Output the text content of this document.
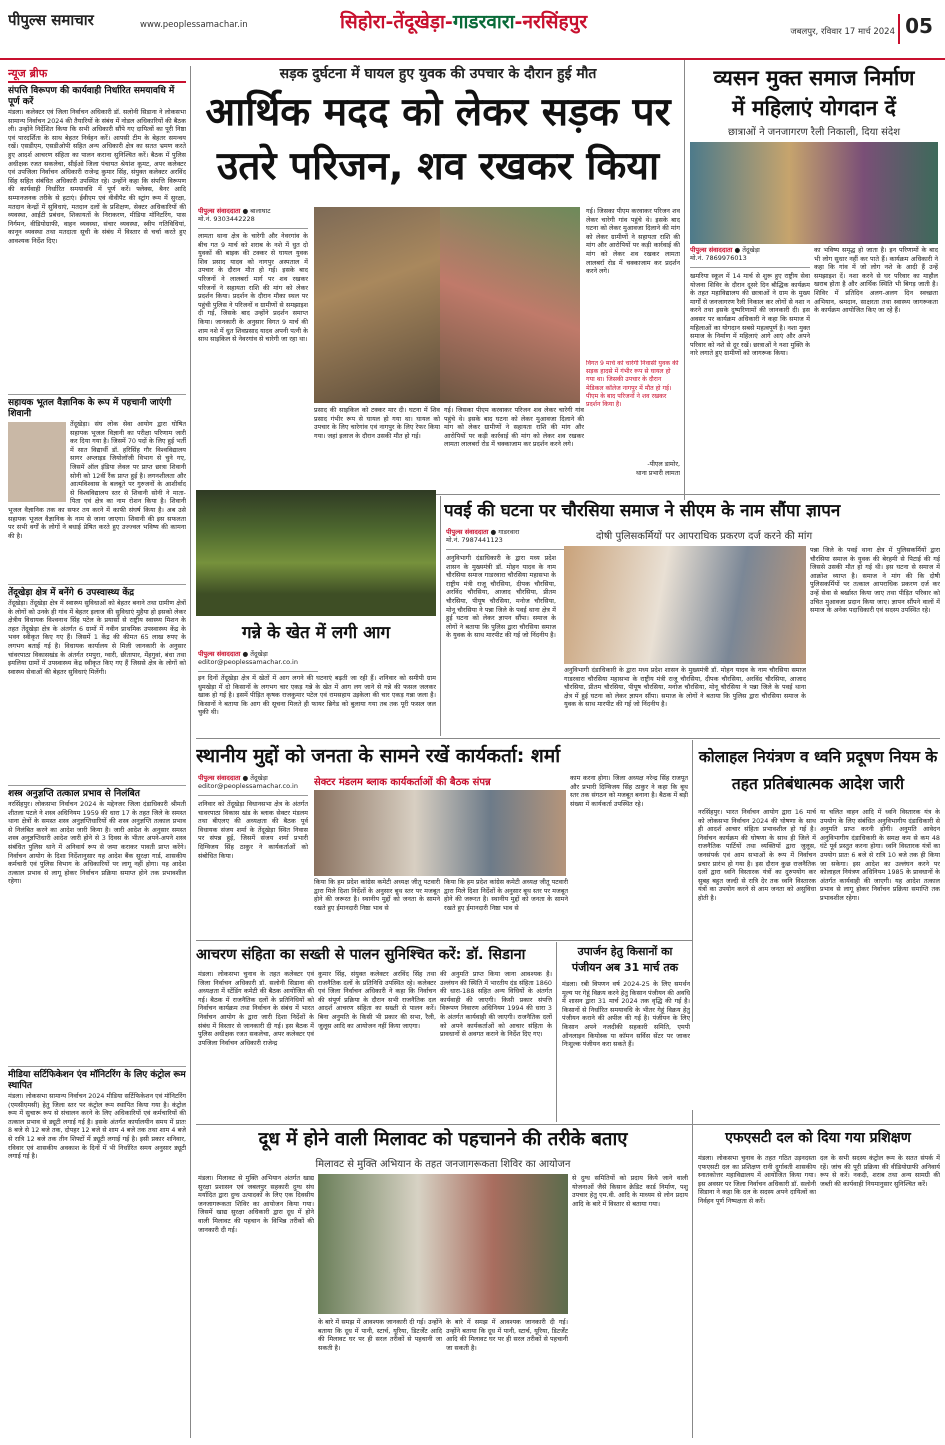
पीपुल्स समाचार	www.peoplessamachar.in	सिहोरा-तेंदूखेड़ा-गाडरवारा-नरसिंहपुर	जबलपुर, रविवार 17 मार्च 2024 05
न्यूज ब्रीफ
संपत्ति विरूपण की कार्यवाही निर्धारित समयावधि में पूर्ण करें
मंडला। कलेक्टर एवं जिला निर्वाचन अधिकारी डॉ. सलोनी सिडाना ने लोकसभा सामान्य निर्वाचन 2024 की तैयारियों के संबंध में नोडल अधिकारियों की बैठक ली। उन्होंने निर्देशित किया कि सभी अधिकारी सौंपे गए दायित्वों का पूरी निष्ठा एवं पारदर्शिता के साथ बेहतर निर्वहन करें। आपसी टीम के बेहतर समन्वय रखें। एसडीएम, एसडीओपी सहित अन्य अधिकारी क्षेत्र का सतत भ्रमण करते हुए आदर्श आचरण संहिता का पालन कराना सुनिश्चित करें। बैठक में पुलिस अधीक्षक रजत सकलेचा, सीईओ जिला पंचायत श्रेयांश कूमट, अपर कलेक्टर एवं उपजिला निर्वाचन अधिकारी राजेन्द्र कुमार सिंह, संयुक्त कलेक्टर अरविंद सिंह सहित संबंधित अधिकारी उपस्थित रहे। उन्होंने कहा कि संपत्ति विरूपण की कार्यवाही निर्धारित समयावधि में पूर्ण करें। फ्लेक्स, बैनर आदि सम्मानजनक तरीके से हटाएं। ईवीएम एवं वीवीपैट की स्ट्रांग रूम में सुरक्षा, मतदान केन्द्रों में सुविधाएं, मतदान दलों के प्रशिक्षण, सेक्टर अधिकारियों की व्यवस्था, आईटी प्रबंधन, शिकायतों के निराकरण, मीडिया मॉनिटरिंग, पास निर्गमन, वीडियोग्राफी, वाहन व्यवस्था, संचार व्यवस्था, स्वीप गतिविधियां, कानून व्यवस्था तथा मतदाता सूची के संबंध में विस्तार से चर्चा करते हुए आवश्यक निर्देश दिए।
सहायक भूतल वैज्ञानिक के रूप में पहचानी जाएंगी शिवानी
तेंदूखेड़ा। संघ लोक सेवा आयोग द्वारा घोषित सहायक भूजल विज्ञानी का परीक्षा परिणाम जारी कर दिया गया है। जिसमें 70 पदों के लिए हुई भर्ती में सात विद्यार्थी डॉ. हरिसिंह गौर विश्वविद्यालय सागर अप्लाइड जियोलॉजी विभाग से चुने गए, जिसमें ऑल इंडिया लेवल पर प्राप्त छात्रा शिवानी सोनी को 12वीं रैंक प्राप्त हुई है। लगनशीलता और आत्मविश्वास के बलबूते पर गुरुजनों के आशीर्वाद से विश्वविद्यालय स्तर से शिवानी सोनी ने माता-पिता एवं क्षेत्र का नाम रोशन किया है। शिवानी भूजल वैज्ञानिक तक का सफर तय करने में काफी संघर्ष किया है। अब उसे सहायक भूजल वैज्ञानिक के नाम से जाना जाएगा। शिवानी की इस सफलता पर सभी वर्गों के लोगों ने बधाई प्रेषित करते हुए उज्ज्वल भविष्य की कामना की है।
तेंदूखेड़ा क्षेत्र में बनेंगे 6 उपस्वास्थ्य केंद्र
तेंदूखेड़ा। तेंदूखेड़ा क्षेत्र में स्वास्थ्य सुविधाओं को बेहतर बनाने तथा ग्रामीण क्षेत्रों के लोगों को उनके ही गांव में बेहतर इलाज की सुविधाएं मुहैया हो इसको लेकर क्षेत्रीय विधायक विश्वनाथ सिंह पटेल के प्रयासों से राष्ट्रीय स्वास्थ्य मिशन के तहत तेंदूखेड़ा क्षेत्र के अंतर्गत 6 ग्रामों में नवीन प्राथमिक उपस्वास्थ्य केंद्र के भवन स्वीकृत किए गए हैं। जिसमें 1 केंद्र की कीमत 65 लाख रुपए के लगभग बताई गई है। विधायक कार्यालय से मिली जानकारी के अनुसार चांवरपाठा विकासखंड के अंतर्गत रमपुरा, ग्वारी, छीतापार, मेंहगुवां, बंधा तथा इमलिया ग्रामों में उपस्वास्थ्य केंद्र स्वीकृत किए गए हैं जिससे क्षेत्र के लोगों को स्वास्थ्य सेवाओं की बेहतर सुविधाएं मिलेंगी।
शस्त्र अनुज्ञप्ति तत्काल प्रभाव से निलंबित
नरसिंहपुर। लोकसभा निर्वाचन 2024 के मद्देनजर जिला दंडाधिकारी श्रीमती शीतला पटले ने शस्त्र अधिनियम 1959 की धारा 17 के तहत जिले के समस्त थाना क्षेत्रों के समस्त शस्त्र अनुज्ञप्तिधारियों की शस्त्र अनुज्ञप्ति तत्काल प्रभाव से निलंबित करने का आदेश जारी किया है। जारी आदेश के अनुसार समस्त शस्त्र अनुज्ञप्तिधारी आदेश जारी होने से 3 दिवस के भीतर अपने-अपने शस्त्र संबंधित पुलिस थाने में अनिवार्य रूप से जमा कराकर पावती प्राप्त करेंगे। निर्वाचन आयोग के दिशा निर्देशानुसार यह आदेश बैंक सुरक्षा गार्ड, शासकीय कर्मचारी एवं पुलिस विभाग के अधिकारियों पर लागू नहीं होगा। यह आदेश तत्काल प्रभाव से लागू होकर निर्वाचन प्रक्रिया समाप्त होने तक प्रभावशील रहेगा।
मीडिया सर्टिफिकेशन एंव मॉनिटरिंग के लिए कंट्रोल रूम स्थापित
मंडला। लोकसभा सामान्य निर्वाचन 2024 मीडिया सर्टिफिकेशन एवं मॉनिटरिंग (एमसीएमसी) हेतु जिला स्तर पर कंट्रोल रूम स्थापित किया गया है। कंट्रोल रूम में सुचारू रूप से संचालन करने के लिए अधिकारियों एवं कर्मचारियों की तत्काल प्रभाव से ड्यूटी लगाई गई है। इसके अंतर्गत कार्यालयीन समय में प्रातः 8 बजे से 12 बजे तक, दोपहर 12 बजे से शाम 4 बजे तक तथा शाम 4 बजे से रात्रि 12 बजे तक तीन शिफ्टों में ड्यूटी लगाई गई है। इसी प्रकार शनिवार, रविवार एवं शासकीय अवकाश के दिनों में भी निर्धारित समय अनुसार ड्यूटी लगाई गई है।
सड़क दुर्घटना में घायल हुए युवक की उपचार के दौरान हुई मौत
आर्थिक मदद को लेकर सड़क पर उतरे परिजन, शव रखकर किया
पीपुल्स संवाददाता ● बालाघाट
मो.नं. 9303442228
लामता थाना क्षेत्र के चारेगी और नेवरगांव के बीच गत 9 मार्च को शराब के नशे में धुत दो युवकों की बाइक की टक्कर से घायल युवक शिव प्रसाद यादव को नागपुर अस्पताल में उपचार के दौरान मौत हो गई। इसके बाद परिजनों ने लालबर्रा मार्ग पर शव रखकर परिजनों ने सहायता राशि की मांग को लेकर प्रदर्शन किया। प्रदर्शन के दौरान मौका स्थल पर पहुंची पुलिस ने परिजनों व ग्रामीणों से समझाइश दी गई, जिसके बाद उन्होंने प्रदर्शन समाप्त किया। जानकारी के अनुसार विगत 9 मार्च की शाम नशे में धुत शिवप्रसाद यादव अपनी पत्नी के साथ साइकिल से नेवरगांव से चारेगी जा रहा था।
प्रसाद की साइकिल को टक्कर मार दी। घटना में शिव प्रसाद गंभीर रूप से घायल हो गया था। घायल को उपचार के लिए चारेगांव एवं नागपुर के लिए रेफर किया गया। जहां इलाज के दौरान उसकी मौत हो गई।
गई। जिसका पीएम करवाकर परिजन शव लेकर चारेगी गांव पहुंचे थे। इसके बाद घटना को लेकर मुआवजा दिलाने की मांग को लेकर ग्रामीणों ने सहायता राशि की मांग और आरोपियों पर कड़ी कार्रवाई की मांग को लेकर शव रखकर लामता लालबर्रा रोड में चक्काजाम कर प्रदर्शन करने लगे।
गई। जिसका पीएम करवाकर परिजन शव लेकर चारेगी गांव पहुंचे थे। इसके बाद घटना को लेकर मुआवजा दिलाने की मांग को लेकर ग्रामीणों ने सहायता राशि की मांग और आरोपियों पर कड़ी कार्रवाई की मांग को लेकर शव रखकर लामता लालबर्रा रोड में चक्काजाम कर प्रदर्शन करने लगे।
विगत 9 मार्च को चारेगी निवासी युवक की सड़क हादसे में गंभीर रूप से घायल हो गया था। जिसकी उपचार के दौरान मेडिकल कॉलेज नागपुर में मौत हो गई। पीएम के बाद परिजनों ने शव रखकर प्रदर्शन किया है।
-पीएल डामोर,
थाना प्रभारी लामता
व्यसन मुक्त समाज निर्माण
में महिलाएं योगदान दें
छात्राओं ने जनजागरण रैली निकाली, दिया संदेश
पीपुल्स संवाददाता ● तेंदूखेड़ा
मो.नं. 7869976013
खमरिया स्कूल में 14 मार्च से शुरू हुए राष्ट्रीय सेवा योजना शिविर के दौरान दूसरे दिन बौद्धिक कार्यक्रम के तहत महाविद्यालय की छात्राओं ने ग्राम के मुख्य मार्गों से जनजागरण रैली निकाल कर लोगों से नशा न करने तथा इसके दुष्परिणामों की जानकारी दी। इस अवसर पर कार्यक्रम अधिकारी ने कहा कि समाज में महिलाओं का योगदान सबसे महत्वपूर्ण है। नशा मुक्त समाज के निर्माण में महिलाएं आगे आएं और अपने परिवार को नशे से दूर रखें। छात्राओं ने नशा मुक्ति के नारे लगाते हुए ग्रामीणों को जागरूक किया।
का भविष्य समृद्ध हो जाता है। इन परिणामों के बाद भी लोग सुधार नहीं कर पाते हैं। कार्यक्रम अधिकारी ने कहा कि गांव में जो लोग नशे के आदी हैं उन्हें समझाइश दें। नशा करने से घर परिवार का माहौल खराब होता है और आर्थिक स्थिति भी बिगड़ जाती है। शिविर में प्रतिदिन अलग-अलग दिन स्वच्छता अभियान, श्रमदान, साक्षरता तथा स्वास्थ्य जागरूकता के कार्यक्रम आयोजित किए जा रहे हैं।
गन्ने के खेत में लगी आग
पीपुल्स संवाददाता ● तेंदूखेड़ा
editor@peoplessamachar.co.in
इन दिनों तेंदूखेड़ा क्षेत्र में खेतों में आग लगने की घटनाएं बढ़ती जा रही हैं। शनिवार को समीपी ग्राम धुमखेड़ा में दो किसानों के लगभग चार एकड़ गन्ने के खेत में आग लग जाने से गन्ने की फसल जलकर खाक हो गई है। इसमें पीड़ित कृषक राजकुमार पटेल एवं रामसहाय उइकेला की चार एकड़ गन्ना जला है। किसानों ने बताया कि आग की सूचना मिलते ही फायर ब्रिगेड को बुलाया गया तब तक पूरी फसल जल चुकी थी।
पवई की घटना पर चौरसिया समाज ने सीएम के नाम सौंपा ज्ञापन
दोषी पुलिसकर्मियों पर आपराधिक प्रकरण दर्ज करने की मांग
पीपुल्स संवाददाता ● गाडरवारा
मो.नं. 7987441123
अनुविभागी दंडाधिकारी के द्वारा मध्य प्रदेश शासन के मुख्यमंत्री डॉ. मोहन यादव के नाम चौरसिया समाज गाडरवारा चौरसिया महासभा के राष्ट्रीय मंत्री राजू चौरसिया, दीपक चौरसिया, अरविंद चौरसिया, आजाद चौरसिया, प्रीतम चौरसिया, पीयूष चौरसिया, मनोज चौरसिया, मोनू चौरसिया ने पन्ना जिले के पवई थाना क्षेत्र में हुई घटना को लेकर ज्ञापन सौंपा। समाज के लोगों ने बताया कि पुलिस द्वारा चौरसिया समाज के युवक के साथ मारपीट की गई जो निंदनीय है।
अनुविभागी दंडाधिकारी के द्वारा मध्य प्रदेश शासन के मुख्यमंत्री डॉ. मोहन यादव के नाम चौरसिया समाज गाडरवारा चौरसिया महासभा के राष्ट्रीय मंत्री राजू चौरसिया, दीपक चौरसिया, अरविंद चौरसिया, आजाद चौरसिया, प्रीतम चौरसिया, पीयूष चौरसिया, मनोज चौरसिया, मोनू चौरसिया ने पन्ना जिले के पवई थाना क्षेत्र में हुई घटना को लेकर ज्ञापन सौंपा। समाज के लोगों ने बताया कि पुलिस द्वारा चौरसिया समाज के युवक के साथ मारपीट की गई जो निंदनीय है।
पन्ना जिले के पवई थाना क्षेत्र में पुलिसकर्मियों द्वारा चौरसिया समाज के युवक की बेरहमी से पिटाई की गई जिससे उसकी मौत हो गई थी। इस घटना से समाज में आक्रोश व्याप्त है। समाज ने मांग की कि दोषी पुलिसकर्मियों पर तत्काल आपराधिक प्रकरण दर्ज कर उन्हें सेवा से बर्खास्त किया जाए तथा पीड़ित परिवार को उचित मुआवजा प्रदान किया जाए। ज्ञापन सौंपने वालों में समाज के अनेक पदाधिकारी एवं सदस्य उपस्थित रहे।
स्थानीय मुद्दों को जनता के सामने रखें कार्यकर्ता: शर्मा
पीपुल्स संवाददाता ● तेंदूखेड़ा
editor@peoplessamachar.co.in
शनिवार को तेंदूखेड़ा विधानसभा क्षेत्र के अंतर्गत चावरपाठा विकास खंड के ब्लाक सेक्टर मंडलम तथा बीएलए की अध्यक्षता की बैठक पूर्व विधायक संजय शर्मा के तेंदूखेड़ा स्थित निवास पर संपन्न हुई, जिसमें संजय शर्मा प्रभारी दिग्विजय सिंह ठाकुर ने कार्यकर्ताओं को संबोधित किया।
सेक्टर मंडलम ब्लाक कार्यकर्ताओं की बैठक संपन्न
किया कि हम प्रदेश कांग्रेस कमेटी अध्यक्ष जीतू पटवारी द्वारा मिले दिशा निर्देशों के अनुसार बूथ स्तर पर मजबूत होने की जरूरत है। स्थानीय मुद्दों को जनता के सामने रखते हुए ईमानदारी निष्ठा भाव से
किया कि हम प्रदेश कांग्रेस कमेटी अध्यक्ष जीतू पटवारी द्वारा मिले दिशा निर्देशों के अनुसार बूथ स्तर पर मजबूत होने की जरूरत है। स्थानीय मुद्दों को जनता के सामने रखते हुए ईमानदारी निष्ठा भाव से
काम करना होगा। जिला अध्यक्ष नरेन्द्र सिंह राजपूत और प्रभारी दिग्विजय सिंह ठाकुर ने कहा कि बूथ स्तर तक संगठन को मजबूत बनाना है। बैठक में बड़ी संख्या में कार्यकर्ता उपस्थित रहे।
कोलाहल नियंत्रण व ध्वनि प्रदूषण नियम के तहत प्रतिबंधात्मक आदेश जारी
नरसिंहपुर। भारत निर्वाचन आयोग द्वारा 16 मार्च को लोकसभा निर्वाचन 2024 की घोषणा के साथ ही आदर्श आचार संहिता प्रभावशील हो गई है। निर्वाचन कार्यक्रम की घोषणा के साथ ही जिले में राजनैतिक पार्टियों तथा व्यक्तियों द्वारा जुलूस, जनसंपर्क एवं आम सभाओं के रूप में निर्वाचन प्रचार प्रारंभ हो गया है। इस दौरान कुछ राजनैतिक दलों द्वारा ध्वनि विस्तारक यंत्रों का दुरुपयोग कर सुबह बहुत जल्दी से रात्रि देर तक ध्वनि विस्तारक यंत्रों का उपयोग करने से आम जनता को असुविधा होती है।
या चलित वाहन आदि में ध्वनि विस्तारक यंत्र के उपयोग के लिए संबंधित अनुविभागीय दंडाधिकारी से अनुमति प्राप्त करनी होगी। अनुमति आवेदन अनुविभागीय दंडाधिकारी के समक्ष कम से कम 48 घंटे पूर्व प्रस्तुत करना होगा। ध्वनि विस्तारक यंत्रों का उपयोग प्रातः 6 बजे से रात्रि 10 बजे तक ही किया जा सकेगा। इस आदेश का उल्लंघन करने पर कोलाहल नियंत्रण अधिनियम 1985 के प्रावधानों के अंतर्गत कार्यवाही की जाएगी। यह आदेश तत्काल प्रभाव से लागू होकर निर्वाचन प्रक्रिया समाप्ति तक प्रभावशील रहेगा।
आचरण संहिता का सख्ती से पालन सुनिश्चित करें: डॉ. सिडाना
मंडला। लोकसभा चुनाव के तहत कलेक्टर एवं जिला निर्वाचन अधिकारी डॉ. सलोनी सिडाना की अध्यक्षता में स्टेंडिंग कमेटी की बैठक आयोजित की गई। बैठक में राजनैतिक दलों के प्रतिनिधियों को निर्वाचन कार्यक्रम तथा निर्वाचन के संबंध में भारत निर्वाचन आयोग के द्वारा जारी दिशा निर्देशों के संबंध में विस्तार से जानकारी दी गई। इस बैठक में पुलिस अधीक्षक रजत सकलेचा, अपर कलेक्टर एवं उपजिला निर्वाचन अधिकारी राजेन्द्र
कुमार सिंह, संयुक्त कलेक्टर अरविंद सिंह तथा राजनैतिक दलों के प्रतिनिधि उपस्थित रहे। कलेक्टर एवं जिला निर्वाचन अधिकारी ने कहा कि निर्वाचन की संपूर्ण प्रक्रिया के दौरान सभी राजनैतिक दल आदर्श आचरण संहिता का सख्ती से पालन करें। बिना अनुमति के किसी भी प्रकार की सभा, रैली, जुलूस आदि का आयोजन नहीं किया जाएगा।
की अनुमति प्राप्त किया जाना आवश्यक है। उल्लंघन की स्थिति में भारतीय दंड संहिता 1860 की धारा-188 सहित अन्य विधियों के अंतर्गत कार्यवाही की जाएगी। किसी प्रकार संपत्ति विरूपण निवारण अधिनियम 1994 की धारा 3 के अंतर्गत कार्यवाही की जाएगी। राजनैतिक दलों को अपने कार्यकर्ताओं को आचार संहिता के प्रावधानों से अवगत कराने के निर्देश दिए गए।
उपार्जन हेतु किसानों का
पंजीयन अब 31 मार्च तक
मंडला। रबी विपणन वर्ष 2024-25 के लिए समर्थन मूल्य पर गेहूं विक्रय करने हेतु किसान पंजीयन की अवधि में शासन द्वारा 31 मार्च 2024 तक वृद्धि की गई है। किसानों से निर्धारित समयावधि के भीतर गेहूं विक्रय हेतु पंजीयन कराने की अपील की गई है। पंजीयन के लिए किसान अपने नजदीकी सहकारी समिति, एमपी ऑनलाइन कियोस्क या कॉमन सर्विस सेंटर पर जाकर निःशुल्क पंजीयन करा सकते हैं।
दूध में होने वाली मिलावट को पहचानने की तरीके बताए
मिलावट से मुक्ति अभियान के तहत जनजागरूकता शिविर का आयोजन
मंडला। मिलावट से मुक्ति अभियान अंतर्गत खाद्य सुरक्षा प्रशासन एवं जबलपुर सहकारी दुग्ध संघ मर्यादित द्वारा दुग्ध उत्पादकों के लिए एक दिवसीय जनजागरूकता शिविर का आयोजन किया गया। जिसमें खाद्य सुरक्षा अधिकारी द्वारा दूध में होने वाली मिलावट की पहचान के विभिन्न तरीकों की जानकारी दी गई।
के बारे में समझ में आवश्यक जानकारी दी गई। उन्होंने बताया कि दूध में पानी, स्टार्च, यूरिया, डिटर्जेंट आदि की मिलावट घर पर ही सरल तरीकों से पहचानी जा सकती है।
के बारे में समझ में आवश्यक जानकारी दी गई। उन्होंने बताया कि दूध में पानी, स्टार्च, यूरिया, डिटर्जेंट आदि की मिलावट घर पर ही सरल तरीकों से पहचानी जा सकती है।
से दुग्ध समितियों को प्रदाय किये जाने वाली योजनाओं जैसे किसान क्रेडिट कार्ड निर्माण, पशु उपचार हेतु एम.वी. आदि के माध्यम से लोन प्रदाय आदि के बारे में विस्तार से बताया गया।
एफएसटी दल को दिया गया प्रशिक्षण
मंडला। लोकसभा चुनाव के तहत गठित उड़नदस्ता एफएसटी दल का प्रशिक्षण रानी दुर्गावती शासकीय स्नातकोत्तर महाविद्यालय में आयोजित किया गया। इस अवसर पर जिला निर्वाचन अधिकारी डॉ. सलोनी सिडाना ने कहा कि दल के सदस्य अपने दायित्वों का निर्वहन पूर्ण निष्पक्षता से करें।
दल के सभी सदस्य कंट्रोल रूम के सतत संपर्क में रहें। जांच की पूरी प्रक्रिया की वीडियोग्राफी अनिवार्य रूप से करें। नकदी, शराब तथा अन्य सामग्री की जब्ती की कार्यवाही नियमानुसार सुनिश्चित करें।
